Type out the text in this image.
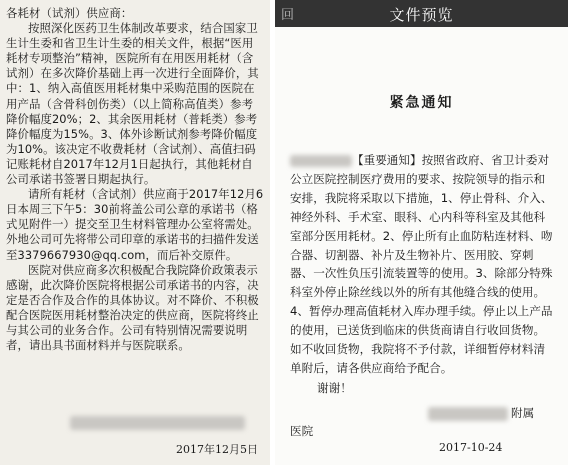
各耗材（试剂）供应商：

按照深化医药卫生体制改革要求，结合国家卫生计生委和省卫生计生委的相关文件，根据“医用耗材专项整治”精神，医院所有在用医用耗材（含试剂）在多次降价基础上再一次进行全面降价，其中：1、纳入高值医用耗材集中采购范围的医院在用产品（含骨科创伤类）（以上简称高值类）参考降价幅度20%；2、其余医用耗材（普耗类）参考降价幅度为15%。3、体外诊断试剂参考降价幅度为10%。该决定不收费耗材（含试剂）、高值扫码记账耗材自2017年12月1日起执行，其他耗材自公司承诺书签署日期起执行。

请所有耗材（含试剂）供应商于2017年12月6日本周三下午5：30前将盖公司公章的承诺书（格式见附件一）提交至卫生材料管理办公室将需处。外地公司可先将带公司印章的承诺书的扫描件发送至3379667930@qq.com，而后补交原件。

医院对供应商多次积极配合我院降价政策表示感谢，此次降价医院将根据公司承诺书的内容，决定是否合作及合作的具体协议。对不降价、不积极配合医院医用耗材整治决定的供应商，医院将终止与其公司的业务合作。公司有特别情况需要说明者，请出具书面材料并与医院联系。

2017年12月5日
回	文件预览
紧急通知

【重要通知】按照省政府、省卫计委对公立医院控制医疗费用的要求、按院领导的指示和安排，我院将采取以下措施，1、停止骨科、介入、神经外科、手术室、眼科、心内科等科室及其他科室部分医用耗材。2、停止所有止血防粘连材料、吻合器、切割器、补片及生物补片、医用胶、穿刺器、一次性负压引流装置等的使用。3、除部分特殊科室外停止除丝线以外的所有其他缝合线的使用。4、暂停办理高值耗材入库办理手续。停止以上产品的使用，已送货到临床的供货商请自行收回货物。如不收回货物，我院将不予付款，详细暂停材料清单附后，请各供应商给予配合。

谢谢！
附属
医院
2017-10-24
